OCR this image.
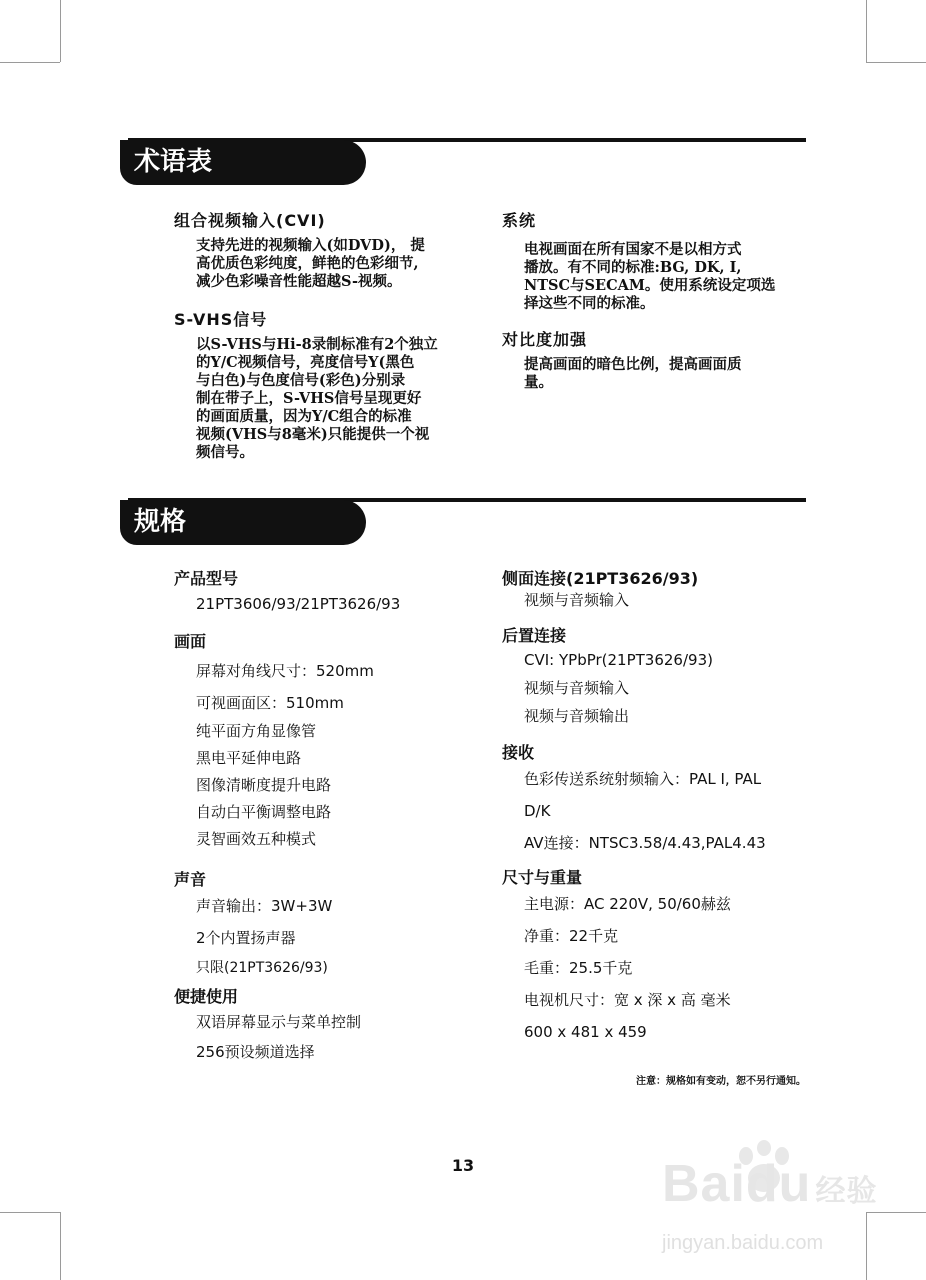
术语表

组合视频输入(CVI)

支持先进的视频输入(如DVD)， 提
高优质色彩纯度，鲜艳的色彩细节,
减少色彩噪音性能超越S-视频。

S-VHS信号

以S-VHS与Hi-8录制标准有2个独立
的Y/C视频信号，亮度信号Y(黑色
与白色)与色度信号(彩色)分别录
制在带子上，S-VHS信号呈现更好
的画面质量，因为Y/C组合的标准
视频(VHS与8毫米)只能提供一个视
频信号。

系统

电视画面在所有国家不是以相方式
播放。有不同的标准:BG, DK, I,
NTSC与SECAM。使用系统设定项选
择这些不同的标准。

对比度加强

提高画面的暗色比例，提高画面质
量。

规格

产品型号

21PT3606/93/21PT3626/93

画面

屏幕对角线尺寸：520mm
可视画面区：510mm
纯平面方角显像管
黑电平延伸电路
图像清晰度提升电路
自动白平衡调整电路
灵智画效五种模式

声音

声音输出：3W+3W
2个内置扬声器
只限(21PT3626/93)

便捷使用

双语屏幕显示与菜单控制
256预设频道选择

侧面连接(21PT3626/93)

视频与音频输入

后置连接

CVI: YPbPr(21PT3626/93)
视频与音频输入
视频与音频输出

接收

色彩传送系统射频输入：PAL I, PAL
D/K
AV连接：NTSC3.58/4.43,PAL4.43

尺寸与重量

主电源：AC 220V, 50/60赫兹
净重：22千克
毛重：25.5千克
电视机尺寸：宽 x 深 x 高 毫米
600 x 481 x 459
注意：规格如有变动，恕不另行通知。
13	Baidu 经验
jingyan.baidu.com
